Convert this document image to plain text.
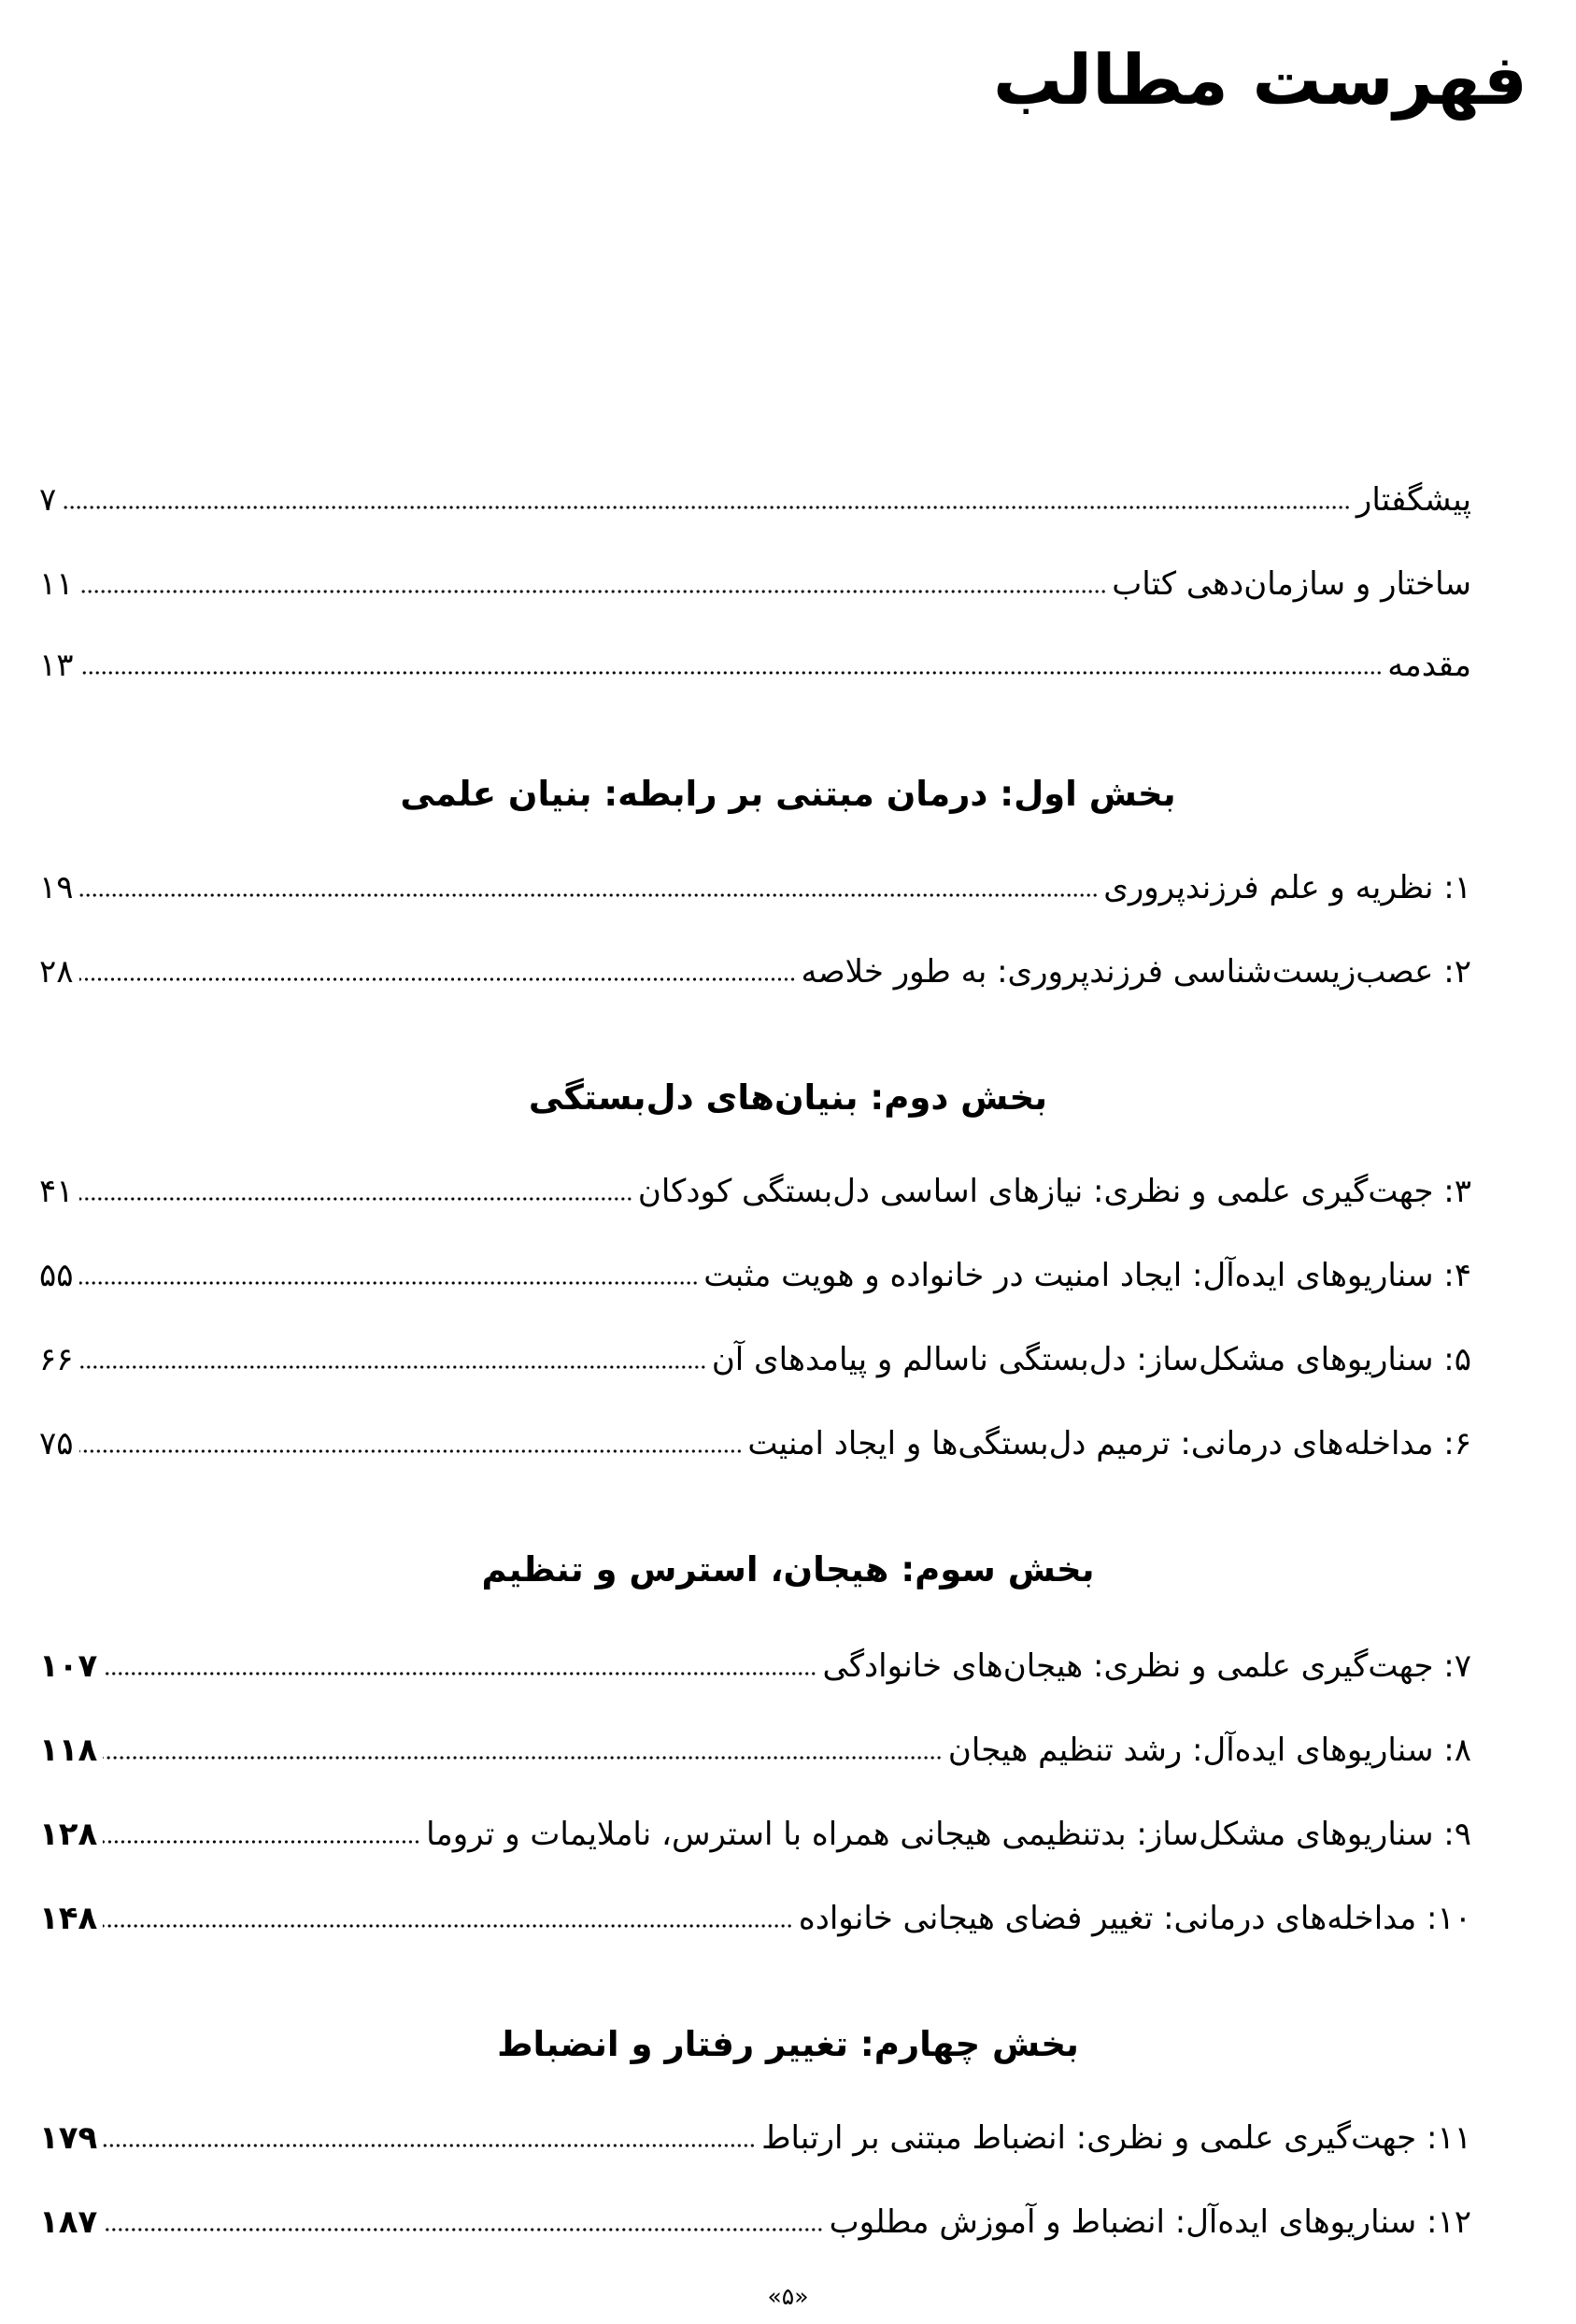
فهرست مطالب
پیشگفتار
۷
ساختار و سازمان‌دهی کتاب
۱۱
مقدمه
۱۳
بخش اول: درمان مبتنی بر رابطه: بنیان علمی
۱: نظریه و علم فرزندپروری
۱۹
۲: عصب‌زیست‌شناسی فرزندپروری: به طور خلاصه
۲۸
بخش دوم: بنیان‌های دل‌بستگی
۳: جهت‌گیری علمی و نظری: نیازهای اساسی دل‌بستگی کودکان
۴۱
۴: سناریوهای ایده‌آل: ایجاد امنیت در خانواده و هویت مثبت
۵۵
۵: سناریوهای مشکل‌ساز: دل‌بستگی ناسالم و پیامدهای آن
۶۶
۶: مداخله‌های درمانی: ترمیم دل‌بستگی‌ها و ایجاد امنیت
۷۵
بخش سوم: هیجان، استرس و تنظیم
۷: جهت‌گیری علمی و نظری: هیجان‌های خانوادگی
۱۰۷
۸: سناریوهای ایده‌آل: رشد تنظیم هیجان
۱۱۸
۹: سناریوهای مشکل‌ساز: بدتنظیمی هیجانی همراه با استرس، ناملایمات و تروما
۱۲۸
۱۰: مداخله‌های درمانی: تغییر فضای هیجانی خانواده
۱۴۸
بخش چهارم: تغییر رفتار و انضباط
۱۱: جهت‌گیری علمی و نظری: انضباط مبتنی بر ارتباط
۱۷۹
۱۲: سناریوهای ایده‌آل: انضباط و آموزش مطلوب
۱۸۷
«۵»
